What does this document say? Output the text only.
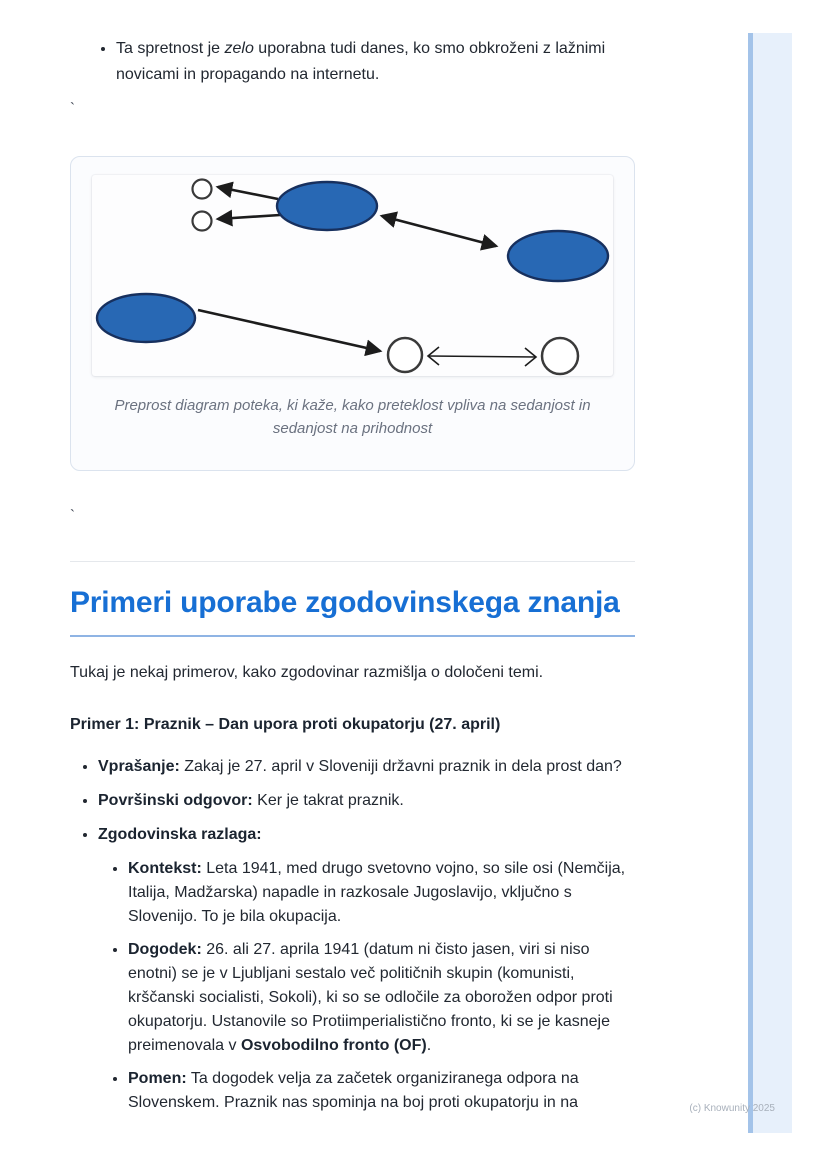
• Ta spretnost je zelo uporabna tudi danes, ko smo obkroženi z lažnimi novicami in propagando na internetu.
`
Preprost diagram poteka, ki kaže, kako preteklost vpliva na sedanjost in sedanjost na prihodnost
`
Primeri uporabe zgodovinskega znanja

Tukaj je nekaj primerov, kako zgodovinar razmišlja o določeni temi.

Primer 1: Praznik – Dan upora proti okupatorju (27. april)

• Vprašanje: Zakaj je 27. april v Sloveniji državni praznik in dela prost dan?
• Površinski odgovor: Ker je takrat praznik.
• Zgodovinska razlaga:
• Kontekst: Leta 1941, med drugo svetovno vojno, so sile osi (Nemčija, Italija, Madžarska) napadle in razkosale Jugoslavijo, vključno s Slovenijo. To je bila okupacija.
• Dogodek: 26. ali 27. aprila 1941 (datum ni čisto jasen, viri si niso enotni) se je v Ljubljani sestalo več političnih skupin (komunisti, krščanski socialisti, Sokoli), ki so se odločile za oborožen odpor proti okupatorju. Ustanovile so Protiimperialistično fronto, ki se je kasneje preimenovala v Osvobodilno fronto (OF).
• Pomen: Ta dogodek velja za začetek organiziranega odpora na Slovenskem. Praznik nas spominja na boj proti okupatorju in na	(c) Knowunity 2025
